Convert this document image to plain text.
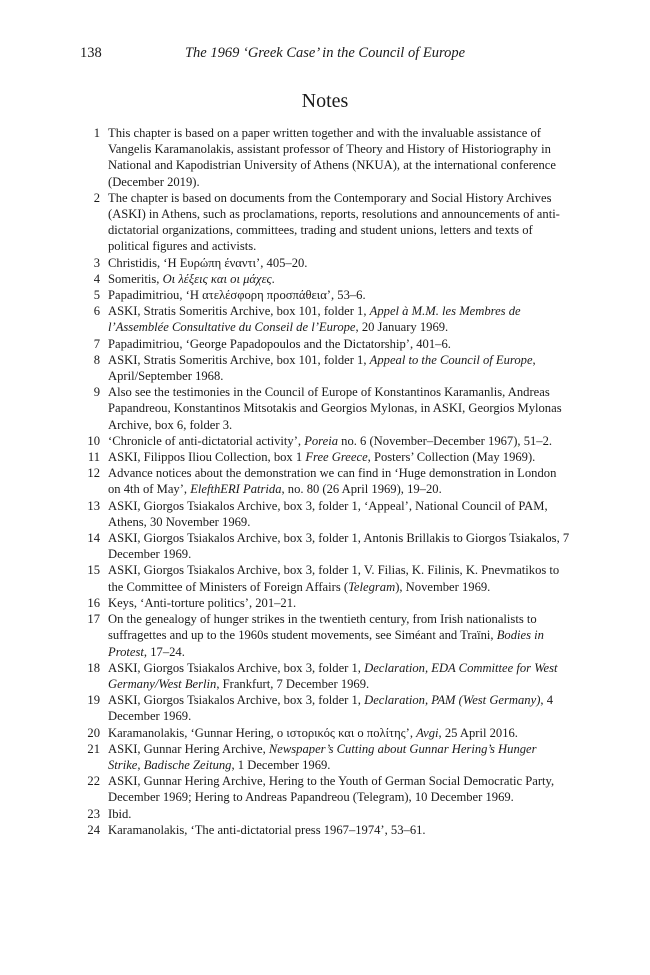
138	The 1969 ‘Greek Case’ in the Council of Europe
Notes
1 This chapter is based on a paper written together and with the invaluable assistance of Vangelis Karamanolakis, assistant professor of Theory and History of Historiography in National and Kapodistrian University of Athens (NKUA), at the international conference (December 2019).
2 The chapter is based on documents from the Contemporary and Social History Archives (ASKI) in Athens, such as proclamations, reports, resolutions and announcements of anti-dictatorial organizations, committees, trading and student unions, letters and texts of political figures and activists.
3 Christidis, ‘Η Ευρώπη έναντι’, 405–20.
4 Someritis, Οι λέξεις και οι μάχες.
5 Papadimitriou, ‘Η ατελέσφορη προσπάθεια’, 53–6.
6 ASKI, Stratis Someritis Archive, box 101, folder 1, Appel à M.M. les Membres de l’Assemblée Consultative du Conseil de l’Europe, 20 January 1969.
7 Papadimitriou, ‘George Papadopoulos and the Dictatorship’, 401–6.
8 ASKI, Stratis Someritis Archive, box 101, folder 1, Appeal to the Council of Europe, April/September 1968.
9 Also see the testimonies in the Council of Europe of Konstantinos Karamanlis, Andreas Papandreou, Konstantinos Mitsotakis and Georgios Mylonas, in ASKI, Georgios Mylonas Archive, box 6, folder 3.
10 ‘Chronicle of anti-dictatorial activity’, Poreia no. 6 (November–December 1967), 51–2.
11 ASKI, Filippos Iliou Collection, box 1 Free Greece, Posters’ Collection (May 1969).
12 Advance notices about the demonstration we can find in ‘Huge demonstration in London on 4th of May’, ElefthERI Patrida, no. 80 (26 April 1969), 19–20.
13 ASKI, Giorgos Tsiakalos Archive, box 3, folder 1, ‘Appeal’, National Council of PAM, Athens, 30 November 1969.
14 ASKI, Giorgos Tsiakalos Archive, box 3, folder 1, Antonis Brillakis to Giorgos Tsiakalos, 7 December 1969.
15 ASKI, Giorgos Tsiakalos Archive, box 3, folder 1, V. Filias, K. Filinis, K. Pnevmatikos to the Committee of Ministers of Foreign Affairs (Telegram), November 1969.
16 Keys, ‘Anti-torture politics’, 201–21.
17 On the genealogy of hunger strikes in the twentieth century, from Irish nationalists to suffragettes and up to the 1960s student movements, see Siméant and Traïni, Bodies in Protest, 17–24.
18 ASKI, Giorgos Tsiakalos Archive, box 3, folder 1, Declaration, EDA Committee for West Germany/West Berlin, Frankfurt, 7 December 1969.
19 ASKI, Giorgos Tsiakalos Archive, box 3, folder 1, Declaration, PAM (West Germany), 4 December 1969.
20 Karamanolakis, ‘Gunnar Hering, ο ιστορικός και ο πολίτης’, Avgi, 25 April 2016.
21 ASKI, Gunnar Hering Archive, Newspaper’s Cutting about Gunnar Hering’s Hunger Strike, Badische Zeitung, 1 December 1969.
22 ASKI, Gunnar Hering Archive, Hering to the Youth of German Social Democratic Party, December 1969; Hering to Andreas Papandreou (Telegram), 10 December 1969.
23 Ibid.
24 Karamanolakis, ‘The anti-dictatorial press 1967–1974’, 53–61.
